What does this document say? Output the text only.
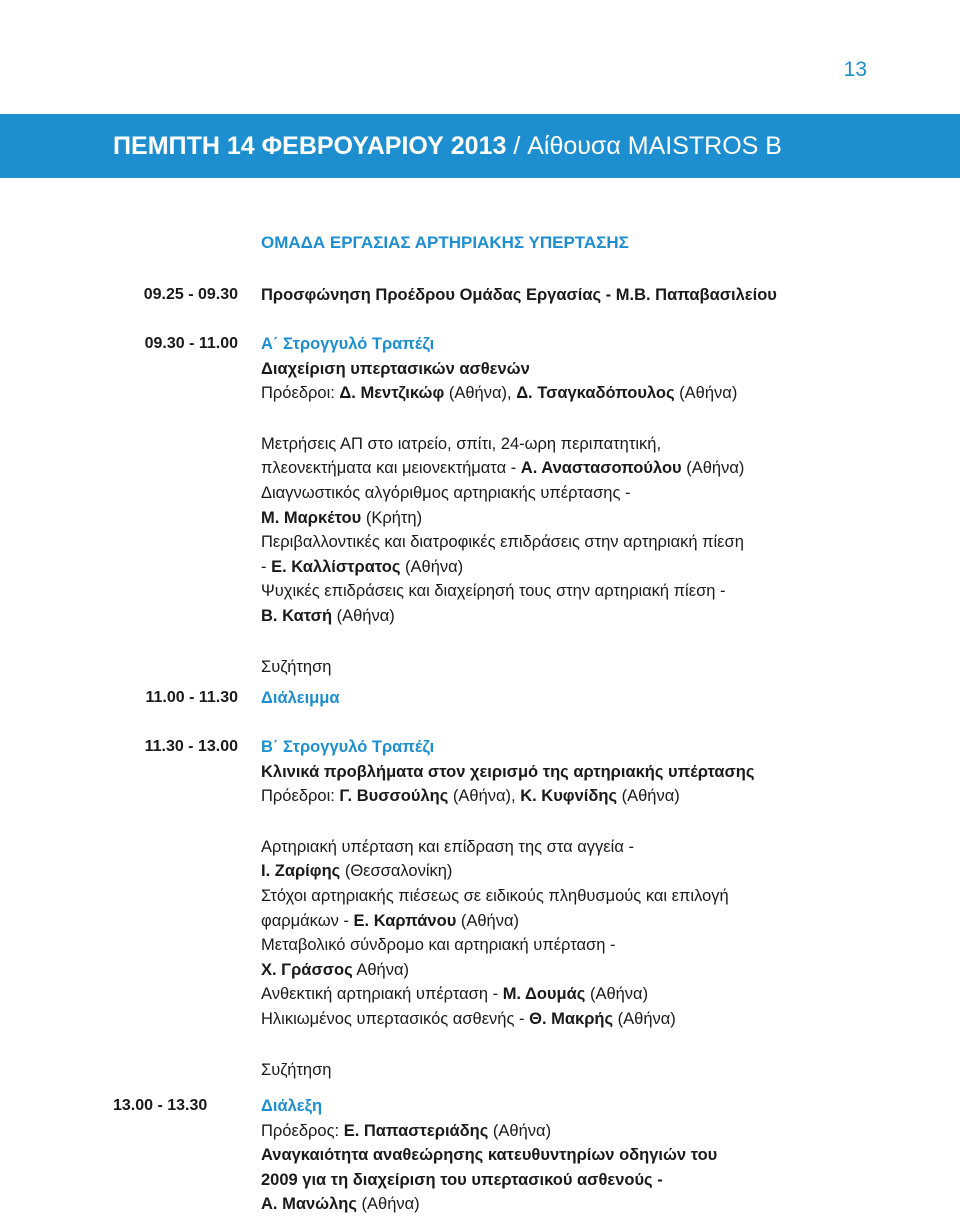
13
ΠΕΜΠΤΗ 14 ΦΕΒΡΟΥΑΡΙΟΥ 2013 / Αίθουσα MAISTROS B
ΟΜΑΔΑ ΕΡΓΑΣΙΑΣ ΑΡΤΗΡΙΑΚΗΣ ΥΠΕΡΤΑΣΗΣ
09.25 - 09.30 Προσφώνηση Προέδρου Ομάδας Εργασίας - Μ.Β. Παπαβασιλείου
09.30 - 11.00 Α΄ Στρογγυλό Τραπέζι
Διαχείριση υπερτασικών ασθενών
Πρόεδροι: Δ. Μεντζικώφ (Αθήνα), Δ. Τσαγκαδόπουλος (Αθήνα)
Μετρήσεις ΑΠ στο ιατρείο, σπίτι, 24-ωρη περιπατητική,
πλεονεκτήματα και μειονεκτήματα - Α. Αναστασοπούλου (Αθήνα)
Διαγνωστικός αλγόριθμος αρτηριακής υπέρτασης -
Μ. Μαρκέτου (Κρήτη)
Περιβαλλοντικές και διατροφικές επιδράσεις στην αρτηριακή πίεση
- Ε. Καλλίστρατος (Αθήνα)
Ψυχικές επιδράσεις και διαχείρησή τους στην αρτηριακή πίεση -
Β. Κατσή (Αθήνα)
Συζήτηση
11.00 - 11.30 Διάλειμμα
11.30 - 13.00 Β΄ Στρογγυλό Τραπέζι
Κλινικά προβλήματα στον χειρισμό της αρτηριακής υπέρτασης
Πρόεδροι: Γ. Βυσσούλης (Αθήνα), Κ. Κυφνίδης (Αθήνα)
Αρτηριακή υπέρταση και επίδραση της στα αγγεία -
Ι. Ζαρίφης (Θεσσαλονίκη)
Στόχοι αρτηριακής πιέσεως σε ειδικούς πληθυσμούς και επιλογή
φαρμάκων - Ε. Καρπάνου (Αθήνα)
Μεταβολικό σύνδρομο και αρτηριακή υπέρταση -
Χ. Γράσσος Αθήνα)
Ανθεκτική αρτηριακή υπέρταση - Μ. Δουμάς (Αθήνα)
Ηλικιωμένος υπερτασικός ασθενής - Θ. Μακρής (Αθήνα)
Συζήτηση
13.00 - 13.30	Διάλεξη
Πρόεδρος: Ε. Παπαστεριάδης (Αθήνα)
Αναγκαιότητα αναθεώρησης κατευθυντηρίων οδηγιών του
2009 για τη διαχείριση του υπερτασικού ασθενούς -
Α. Μανώλης (Αθήνα)
